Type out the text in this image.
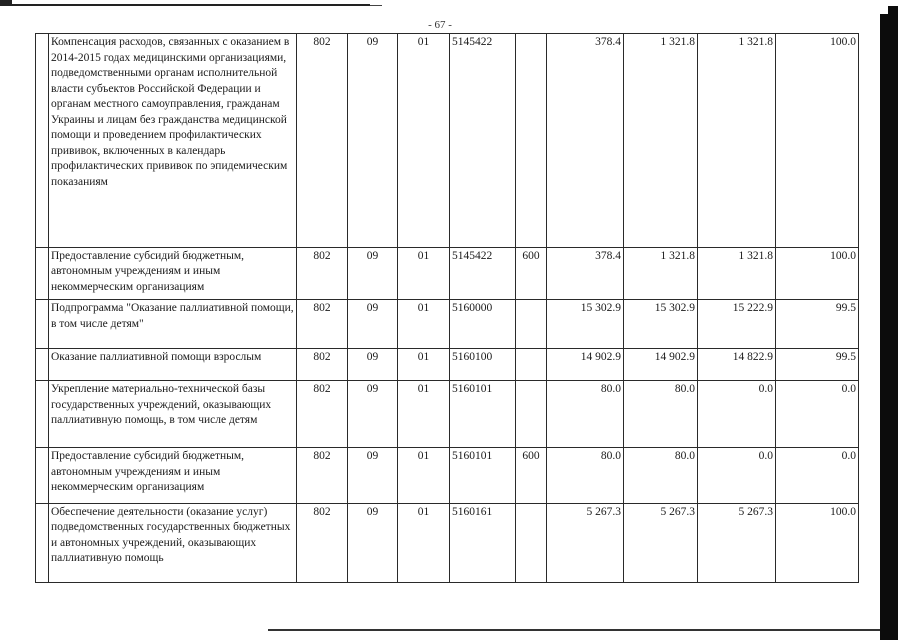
- 67 -
	Компенсация расходов, связанных с оказанием в 2014-2015 годах медицинскими организациями, подведомственными органам исполнительной власти субъектов Российской Федерации и органам местного самоуправления, гражданам Украины и лицам без гражданства медицинской помощи и проведением профилактических прививок, включенных в календарь профилактических прививок по эпидемическим показаниям	802	09	01	5145422		378.4	1 321.8	1 321.8	100.0
	Предоставление субсидий бюджетным, автономным учреждениям и иным некоммерческим организациям	802	09	01	5145422	600	378.4	1 321.8	1 321.8	100.0
	Подпрограмма "Оказание паллиативной помощи, в том числе детям"	802	09	01	5160000		15 302.9	15 302.9	15 222.9	99.5
	Оказание паллиативной помощи взрослым	802	09	01	5160100		14 902.9	14 902.9	14 822.9	99.5
	Укрепление материально-технической базы государственных учреждений, оказывающих паллиативную помощь, в том числе детям	802	09	01	5160101		80.0	80.0	0.0	0.0
	Предоставление субсидий бюджетным, автономным учреждениям и иным некоммерческим организациям	802	09	01	5160101	600	80.0	80.0	0.0	0.0
	Обеспечение деятельности (оказание услуг) подведомственных государственных бюджетных и автономных учреждений, оказывающих паллиативную помощь	802	09	01	5160161		5 267.3	5 267.3	5 267.3	100.0
